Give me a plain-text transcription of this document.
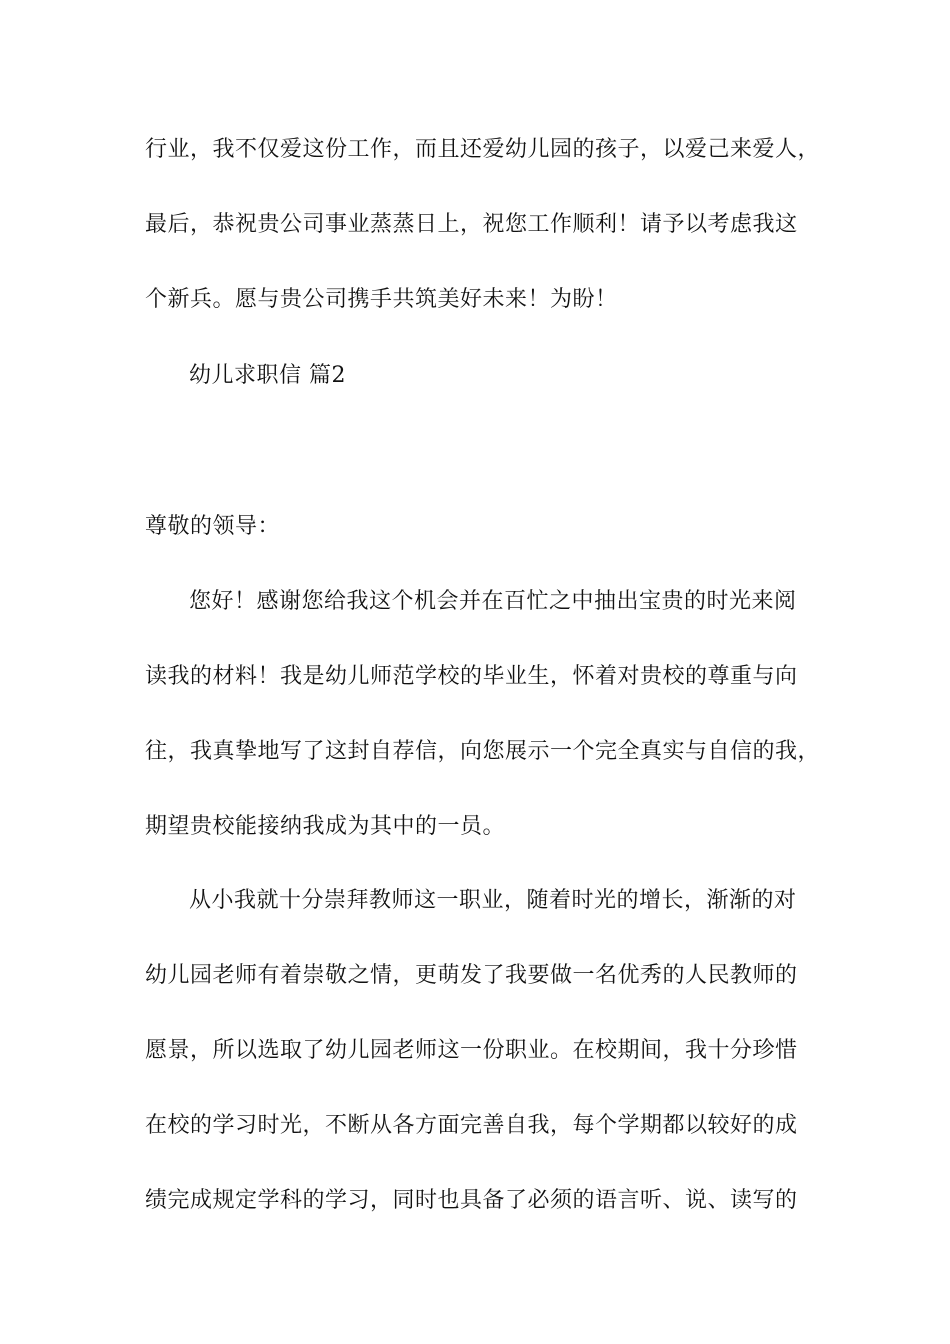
行业，我不仅爱这份工作，而且还爱幼儿园的孩子，以爱己来爱人，
最后，恭祝贵公司事业蒸蒸日上，祝您工作顺利！请予以考虑我这
个新兵。愿与贵公司携手共筑美好未来！为盼！
幼儿求职信 篇2
尊敬的领导：
您好！感谢您给我这个机会并在百忙之中抽出宝贵的时光来阅
读我的材料！我是幼儿师范学校的毕业生，怀着对贵校的尊重与向
往，我真挚地写了这封自荐信，向您展示一个完全真实与自信的我，
期望贵校能接纳我成为其中的一员。
从小我就十分崇拜教师这一职业，随着时光的增长，渐渐的对
幼儿园老师有着崇敬之情，更萌发了我要做一名优秀的人民教师的
愿景，所以选取了幼儿园老师这一份职业。在校期间，我十分珍惜
在校的学习时光，不断从各方面完善自我，每个学期都以较好的成
绩完成规定学科的学习，同时也具备了必须的语言听、说、读写的
